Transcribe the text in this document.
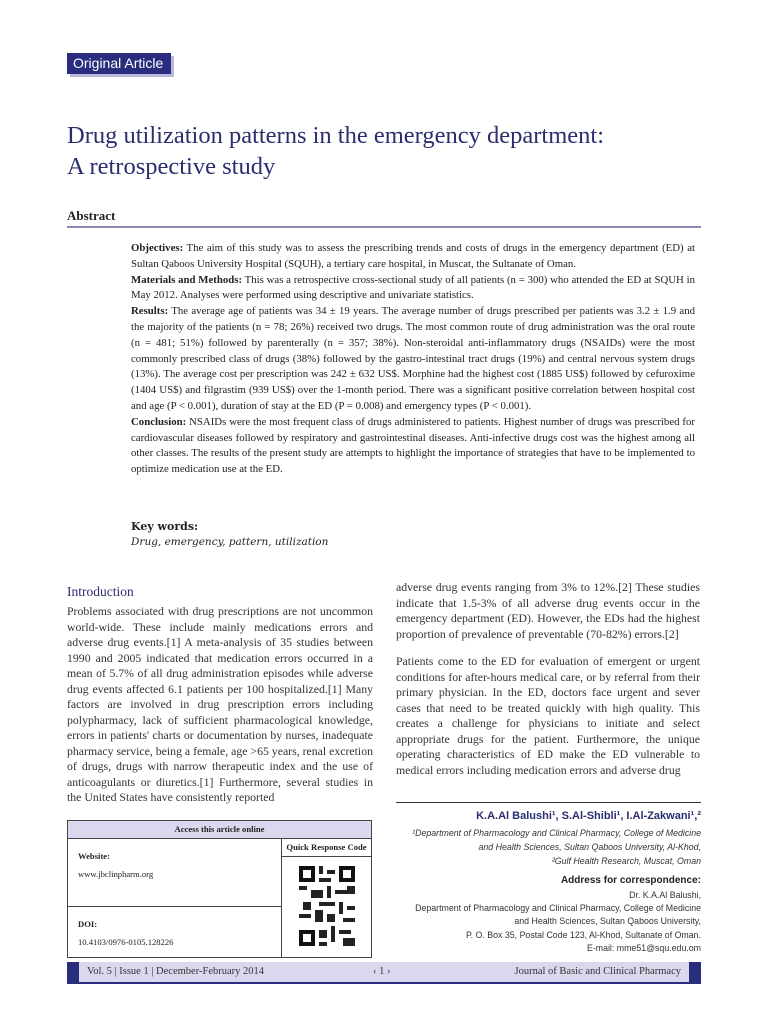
Original Article
Drug utilization patterns in the emergency department:
A retrospective study
Abstract
Objectives: The aim of this study was to assess the prescribing trends and costs of drugs in the emergency department (ED) at Sultan Qaboos University Hospital (SQUH), a tertiary care hospital, in Muscat, the Sultanate of Oman.
Materials and Methods: This was a retrospective cross-sectional study of all patients (n = 300) who attended the ED at SQUH in May 2012. Analyses were performed using descriptive and univariate statistics.
Results: The average age of patients was 34 ± 19 years. The average number of drugs prescribed per patients was 3.2 ± 1.9 and the majority of the patients (n = 78; 26%) received two drugs. The most common route of drug administration was the oral route (n = 481; 51%) followed by parenterally (n = 357; 38%). Non-steroidal anti-inflammatory drugs (NSAIDs) were the most commonly prescribed class of drugs (38%) followed by the gastro-intestinal tract drugs (19%) and central nervous system drugs (13%). The average cost per prescription was 242 ± 632 US$. Morphine had the highest cost (1885 US$) followed by cefuroxime (1404 US$) and filgrastim (939 US$) over the 1-month period. There was a significant positive correlation between hospital cost and age (P < 0.001), duration of stay at the ED (P = 0.008) and emergency types (P < 0.001).
Conclusion: NSAIDs were the most frequent class of drugs administered to patients. Highest number of drugs was prescribed for cardiovascular diseases followed by respiratory and gastrointestinal diseases. Anti-infective drugs cost was the highest among all other classes. The results of the present study are attempts to highlight the importance of strategies that have to be implemented to optimize medication use at the ED.
Key words:
Drug, emergency, pattern, utilization
Introduction

Problems associated with drug prescriptions are not uncommon world-wide. These include mainly medications errors and adverse drug events.[1] A meta-analysis of 35 studies between 1990 and 2005 indicated that medication errors occurred in a mean of 5.7% of all drug administration episodes while adverse drug events affected 6.1 patients per 100 hospitalized.[1] Many factors are involved in drug prescription errors including polypharmacy, lack of sufficient pharmacological knowledge, errors in patients' charts or documentation by nurses, inadequate pharmacy service, being a female, age >65 years, renal excretion of drugs, drugs with narrow therapeutic index and the use of anticoagulants or diuretics.[1] Furthermore, several studies in the United States have consistently reported

adverse drug events ranging from 3% to 12%.[2] These studies indicate that 1.5-3% of all adverse drug events occur in the emergency department (ED). However, the EDs had the highest proportion of prevalence of preventable (70-82%) errors.[2]

Patients come to the ED for evaluation of emergent or urgent conditions for after-hours medical care, or by referral from their primary physician. In the ED, doctors face urgent and sever cases that need to be treated quickly with high quality. This creates a challenge for physicians to initiate and select appropriate drugs for the patient. Furthermore, the unique operating characteristics of ED make the ED vulnerable to medical errors including medication errors and adverse drug

Access this article online
Website:
www.jbclinpharm.org
DOI:
10.4103/0976-0105.128226
Quick Response Code
K.A.Al Balushi¹, S.Al-Shibli¹, I.Al-Zakwani¹,²
¹Department of Pharmacology and Clinical Pharmacy, College of Medicine
and Health Sciences, Sultan Qaboos University, Al-Khod,
²Gulf Health Research, Muscat, Oman
Address for correspondence:
Dr. K.A.Al Balushi,
Department of Pharmacology and Clinical Pharmacy, College of Medicine
and Health Sciences, Sultan Qaboos University,
P. O. Box 35, Postal Code 123, Al-Khod, Sultanate of Oman.
E-mail: mme51@squ.edu.om
Vol. 5 | Issue 1 | December-February 2014	‹ 1 ›	Journal of Basic and Clinical Pharmacy
